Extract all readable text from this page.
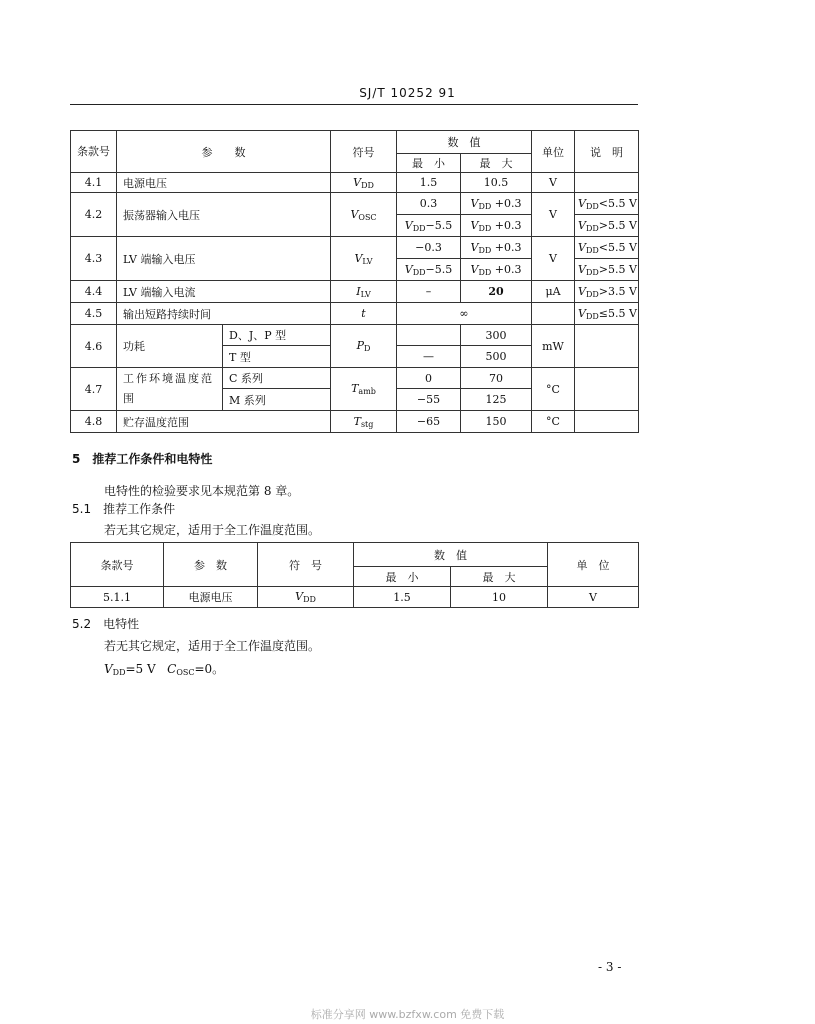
SJ/T 10252 91
条款号	参　　数		符号	数　值		单位	说　明
				最　小	最　大		
4.1	电源电压		$V_{DD}$	1.5	10.5	V	
4.2	振荡器输入电压		$V_{OSC}$	0.3	$V_{DD} +0.3$	V	$V_{DD}<5.5$ V
				$V_{DD}-5.5$	$V_{DD} +0.3$		$V_{DD}>5.5$ V
4.3	LV 端输入电压		$V_{LV}$	−0.3	$V_{DD} +0.3$	V	$V_{DD}<5.5$ V
				$V_{DD}-5.5$	$V_{DD} +0.3$		$V_{DD}>5.5$ V
4.4	LV 端输入电流		$I_{LV}$	–	20	μA	$V_{DD}>3.5$ V
4.5	输出短路持续时间		t	∞			$V_{DD}\le 5.5$ V
4.6	功耗	D、J、P 型	$P_D$		300	mW	
		T 型		—	500		
4.7	工作环境温度范围	C 系列	$T_{amb}$	0	70	°C	
		M 系列		−55	125		
4.8	贮存温度范围		$T_{stg}$	−65	150	°C	
5　推荐工作条件和电特性
电特性的检验要求见本规范第 8 章。
5.1　推荐工作条件
若无其它规定，适用于全工作温度范围。
条款号	参　数	符　号	数　值		单　位
			最　小	最　大	
5.1.1	电源电压	$V_{DD}$	1.5	10	V
5.2　电特性
若无其它规定，适用于全工作温度范围。
$V_{DD}=5$ V $C_{OSC}=0$。
- 3 -
标准分享网 www.bzfxw.com 免费下载
